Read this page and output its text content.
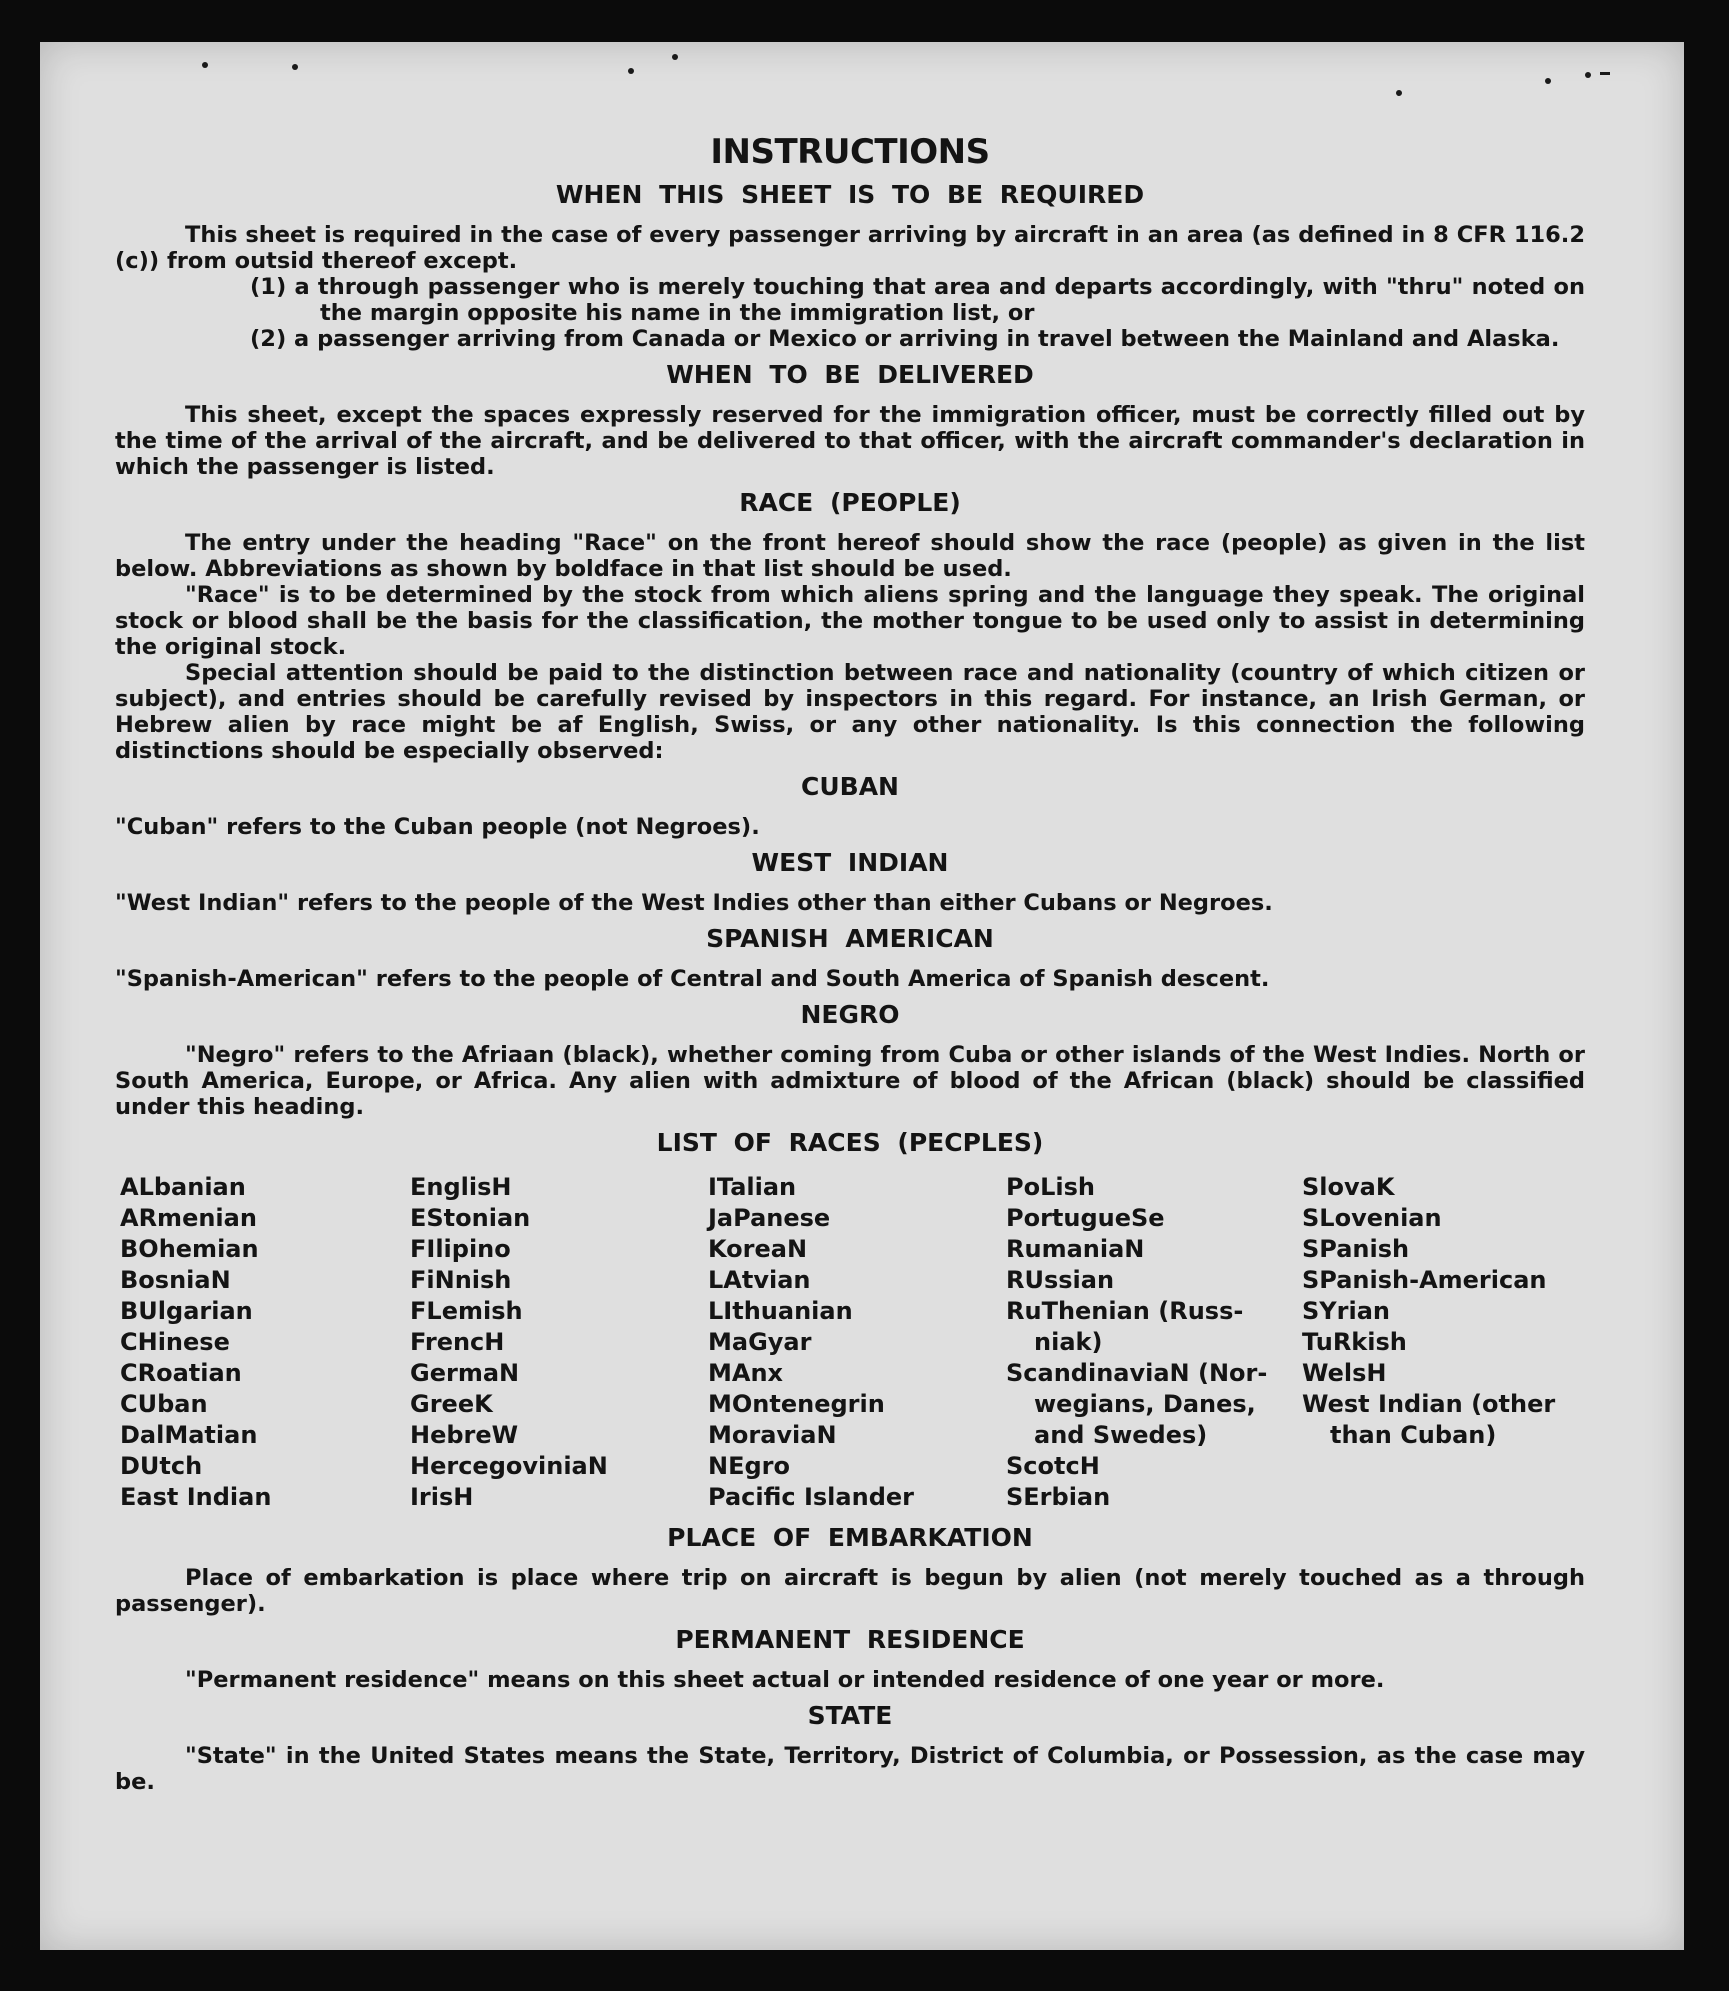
INSTRUCTIONS
WHEN THIS SHEET IS TO BE REQUIRED

This sheet is required in the case of every passenger arriving by aircraft in an area (as defined in 8 CFR 116.2 (c)) from outsid thereof except.

(1) a through passenger who is merely touching that area and departs accordingly, with "thru" noted on the margin opposite his name in the immigration list, or
(2) a passenger arriving from Canada or Mexico or arriving in travel between the Mainland and Alaska.
WHEN TO BE DELIVERED

This sheet, except the spaces expressly reserved for the immigration officer, must be correctly filled out by the time of the arrival of the aircraft, and be delivered to that officer, with the aircraft commander's declaration in which the passenger is listed.

RACE (PEOPLE)

The entry under the heading "Race" on the front hereof should show the race (people) as given in the list below. Abbreviations as shown by boldface in that list should be used.

"Race" is to be determined by the stock from which aliens spring and the language they speak. The original stock or blood shall be the basis for the classification, the mother tongue to be used only to assist in determining the original stock.

Special attention should be paid to the distinction between race and nationality (country of which citizen or subject), and entries should be carefully revised by inspectors in this regard. For instance, an Irish German, or Hebrew alien by race might be af English, Swiss, or any other nationality. Is this connection the following distinctions should be especially observed:

CUBAN

"Cuban" refers to the Cuban people (not Negroes).

WEST INDIAN

"West Indian" refers to the people of the West Indies other than either Cubans or Negroes.

SPANISH AMERICAN

"Spanish-American" refers to the people of Central and South America of Spanish descent.

NEGRO

"Negro" refers to the Afriaan (black), whether coming from Cuba or other islands of the West Indies. North or South America, Europe, or Africa. Any alien with admixture of blood of the African (black) should be classified under this heading.

LIST OF RACES (PECPLES)
ALbanian
ARmenian
BOhemian
BosniaN
BUlgarian
CHinese
CRoatian
CUban
DalMatian
DUtch
East Indian
EnglisH
EStonian
FIlipino
FiNnish
FLemish
FrencH
GermaN
GreeK
HebreW
HercegoviniaN
IrisH
ITalian
JaPanese
KoreaN
LAtvian
LIthuanian
MaGyar
MAnx
MOntenegrin
MoraviaN
NEgro
Pacific Islander
PoLish
PortugueSe
RumaniaN
RUssian
RuThenian (Russ-
niak)
ScandinaviaN (Nor-
wegians, Danes,
and Swedes)
ScotcH
SErbian
SlovaK
SLovenian
SPanish
SPanish-American
SYrian
TuRkish
WelsH
West Indian (other
than Cuban)
PLACE OF EMBARKATION

Place of embarkation is place where trip on aircraft is begun by alien (not merely touched as a through passenger).

PERMANENT RESIDENCE

"Permanent residence" means on this sheet actual or intended residence of one year or more.

STATE

"State" in the United States means the State, Territory, District of Columbia, or Possession, as the case may be.
